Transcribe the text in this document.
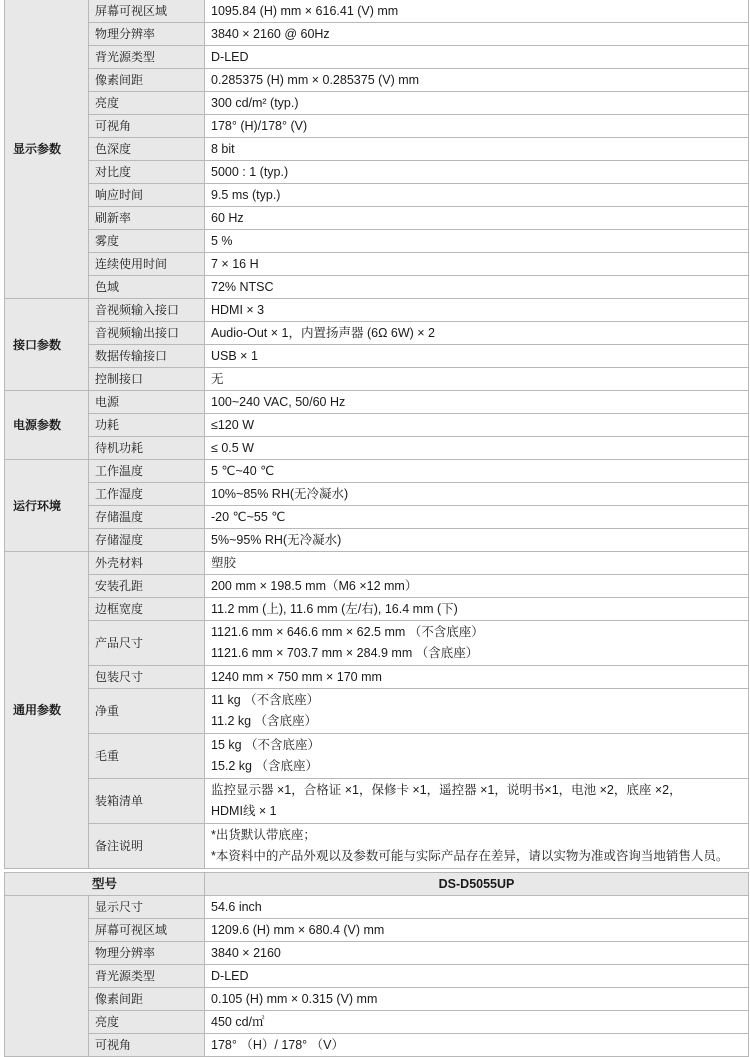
显示参数	屏幕可视区域	1095.84 (H) mm × 616.41 (V) mm
	物理分辨率	3840 × 2160 @ 60Hz
	背光源类型	D-LED
	像素间距	0.285375 (H) mm × 0.285375 (V) mm
	亮度	300 cd/m² (typ.)
	可视角	178° (H)/178° (V)
	色深度	8 bit
	对比度	5000 : 1 (typ.)
	响应时间	9.5 ms (typ.)
	刷新率	60 Hz
	雾度	5 %
	连续使用时间	7 × 16 H
	色域	72% NTSC
接口参数	音视频输入接口	HDMI × 3
	音视频输出接口	Audio-Out × 1，内置扬声器 (6Ω 6W) × 2
	数据传输接口	USB × 1
	控制接口	无
电源参数	电源	100~240 VAC, 50/60 Hz
	功耗	≤120 W
	待机功耗	≤ 0.5 W
运行环境	工作温度	5 ℃~40 ℃
	工作湿度	10%~85% RH(无冷凝水)
	存储温度	-20 ℃~55 ℃
	存储湿度	5%~95% RH(无冷凝水)
通用参数	外壳材料	塑胶
	安装孔距	200 mm × 198.5 mm（M6 ×12 mm）
	边框宽度	11.2 mm (上), 11.6 mm (左/右), 16.4 mm (下)
	产品尺寸	1121.6 mm × 646.6 mm × 62.5 mm （不含底座）
1121.6 mm × 703.7 mm × 284.9 mm （含底座）

	包装尺寸	1240 mm × 750 mm × 170 mm
	净重	11 kg （不含底座）
11.2 kg （含底座）

	毛重	15 kg （不含底座）
15.2 kg （含底座）

	装箱清单	监控显示器 ×1，合格证 ×1，保修卡 ×1，遥控器 ×1，说明书×1，电池 ×2，底座 ×2，
HDMI线 × 1

	备注说明	*出货默认带底座；
*本资料中的产品外观以及参数可能与实际产品存在差异，请以实物为准或咨询当地销售人员。
型号		DS-D5055UP
	显示尺寸	54.6 inch
	屏幕可视区域	1209.6 (H) mm × 680.4 (V) mm
	物理分辨率	3840 × 2160
	背光源类型	D-LED
	像素间距	0.105 (H) mm × 0.315 (V) mm
	亮度	450 cd/㎡
	可视角	178° （H）/ 178° （V）
